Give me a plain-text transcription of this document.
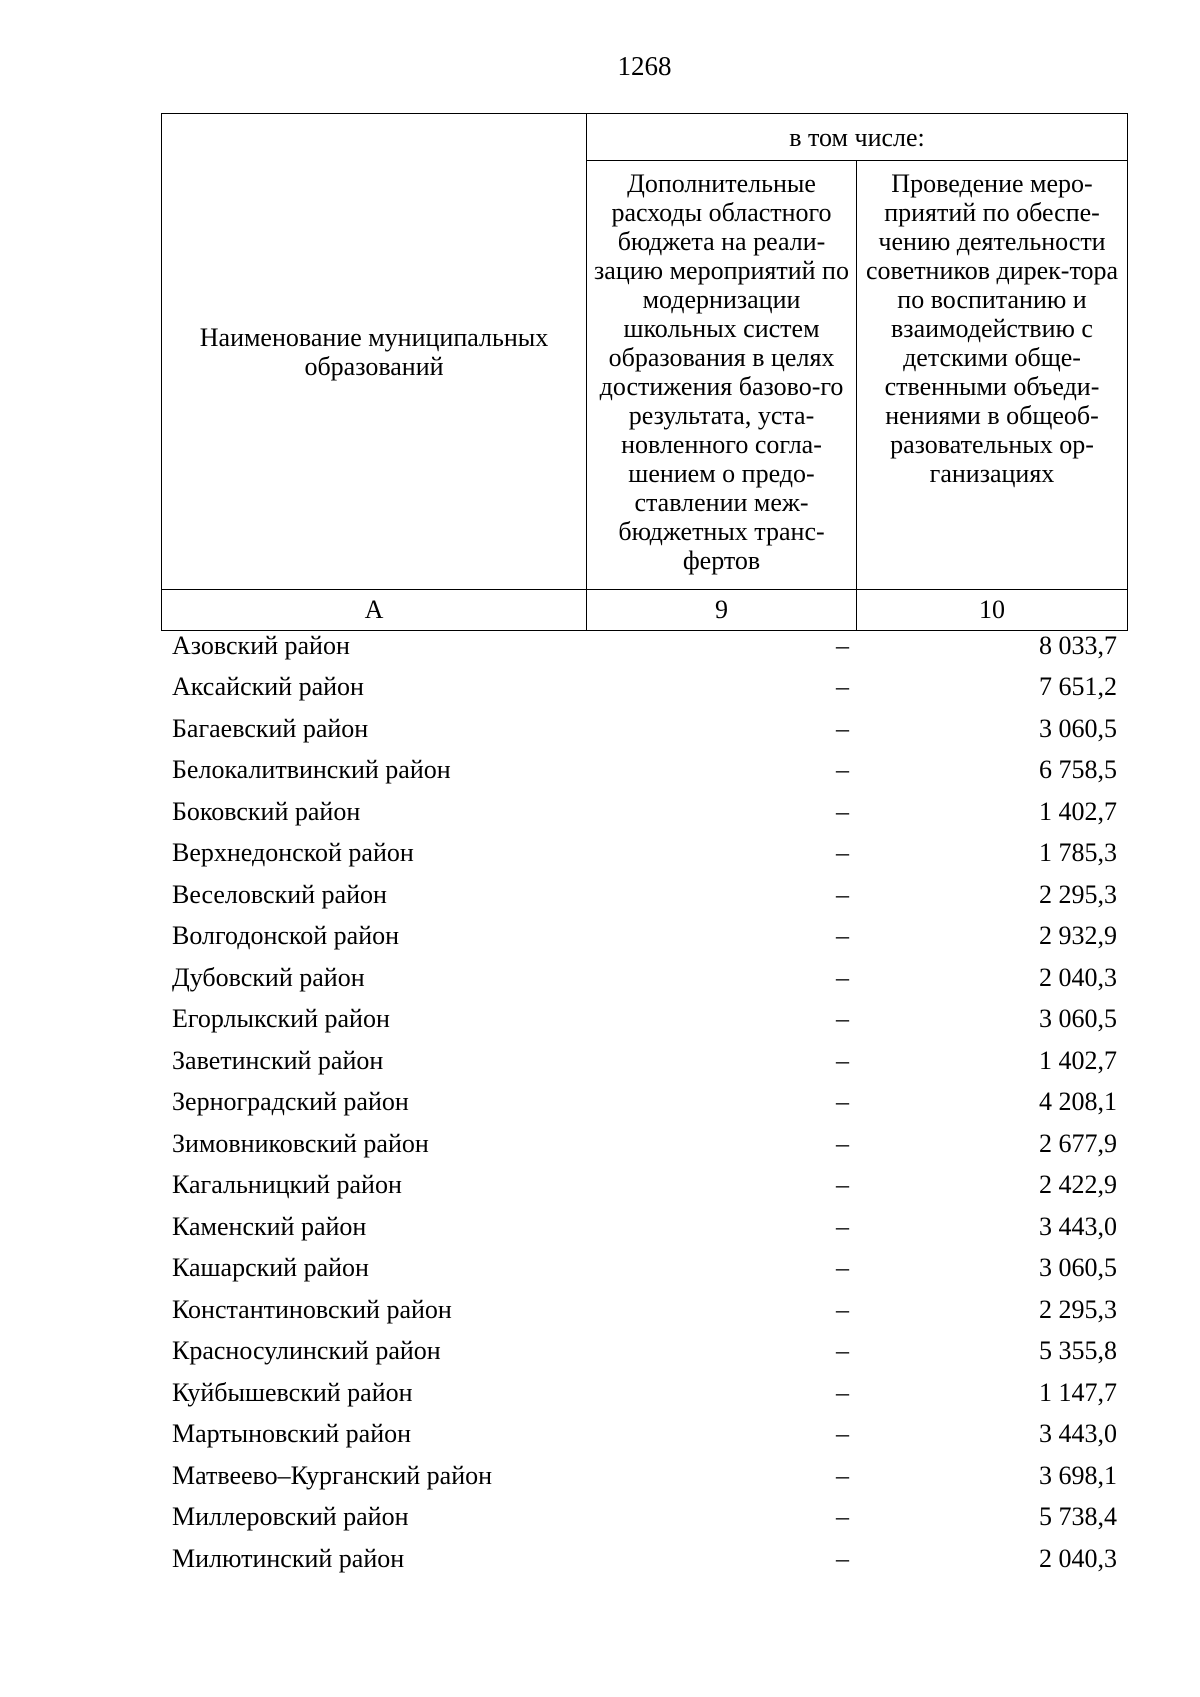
1268
Наименование муниципальных образований	в том числе:	
	Дополнительные расходы областного бюджета на реали-зацию мероприятий по модернизации школьных систем образования в целях достижения базово-го результата, уста-новленного согла-шением о предо-ставлении меж-бюджетных транс-фертов	Проведение меро-приятий по обеспе-чению деятельности советников дирек-тора по воспитанию и взаимодействию с детскими обще-ственными объеди-нениями в общеоб-разовательных ор-ганизациях
А	9	10
Азовский район	–	8 033,7
Аксайский район	–	7 651,2
Багаевский район	–	3 060,5
Белокалитвинский район	–	6 758,5
Боковский район	–	1 402,7
Верхнедонской район	–	1 785,3
Веселовский район	–	2 295,3
Волгодонской район	–	2 932,9
Дубовский район	–	2 040,3
Егорлыкский район	–	3 060,5
Заветинский район	–	1 402,7
Зерноградский район	–	4 208,1
Зимовниковский район	–	2 677,9
Кагальницкий район	–	2 422,9
Каменский район	–	3 443,0
Кашарский район	–	3 060,5
Константиновский район	–	2 295,3
Красносулинский район	–	5 355,8
Куйбышевский район	–	1 147,7
Мартыновский район	–	3 443,0
Матвеево–Курганский район	–	3 698,1
Миллеровский район	–	5 738,4
Милютинский район	–	2 040,3
